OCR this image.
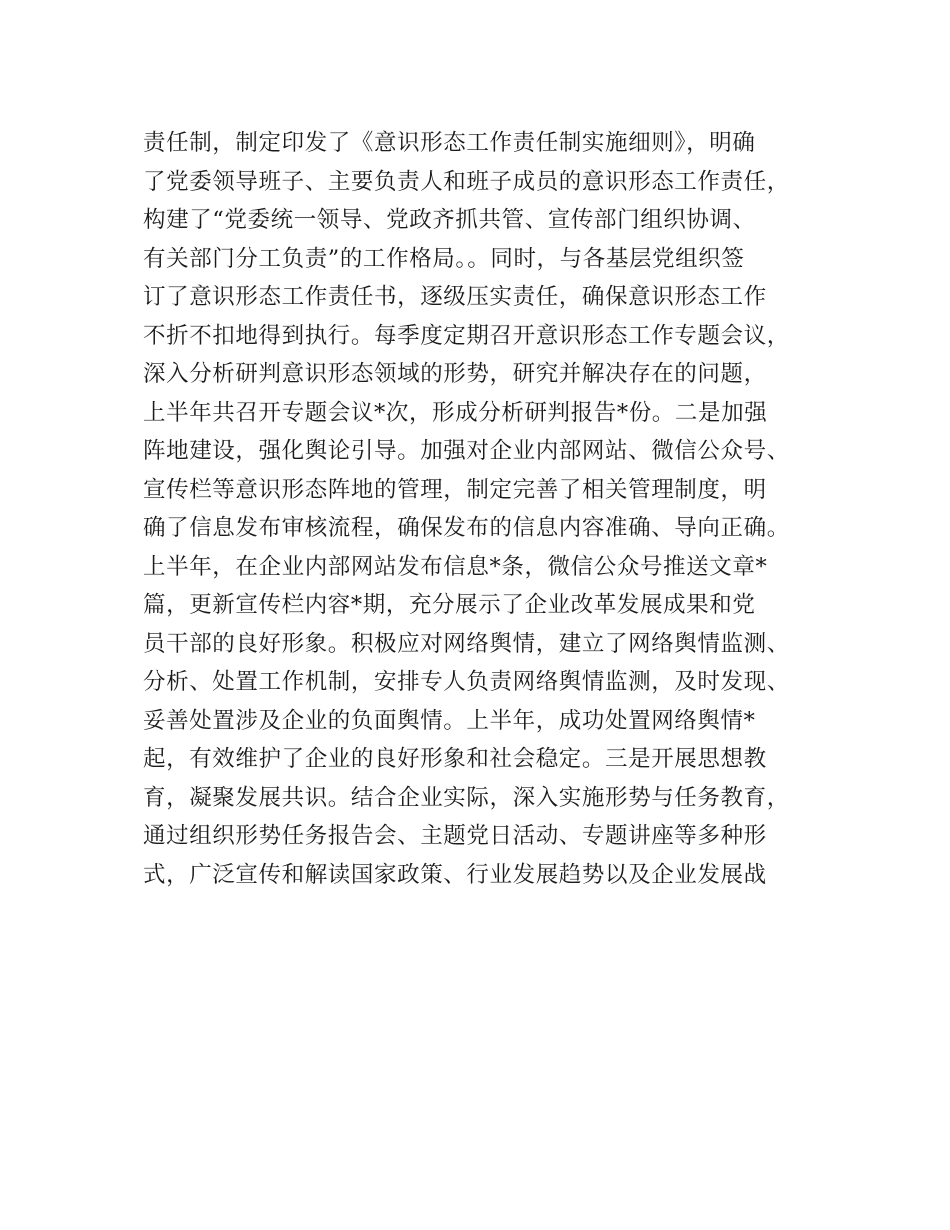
责任制，制定印发了《意识形态工作责任制实施细则》，明确
了党委领导班子、主要负责人和班子成员的意识形态工作责任，
构建了“党委统一领导、党政齐抓共管、宣传部门组织协调、
有关部门分工负责”的工作格局。。同时，与各基层党组织签
订了意识形态工作责任书，逐级压实责任，确保意识形态工作
不折不扣地得到执行。每季度定期召开意识形态工作专题会议，
深入分析研判意识形态领域的形势，研究并解决存在的问题，
上半年共召开专题会议*次，形成分析研判报告*份。二是加强
阵地建设，强化舆论引导。加强对企业内部网站、微信公众号、
宣传栏等意识形态阵地的管理，制定完善了相关管理制度，明
确了信息发布审核流程，确保发布的信息内容准确、导向正确。
上半年，在企业内部网站发布信息*条，微信公众号推送文章*
篇，更新宣传栏内容*期，充分展示了企业改革发展成果和党
员干部的良好形象。积极应对网络舆情，建立了网络舆情监测、
分析、处置工作机制，安排专人负责网络舆情监测，及时发现、
妥善处置涉及企业的负面舆情。上半年，成功处置网络舆情*
起，有效维护了企业的良好形象和社会稳定。三是开展思想教
育，凝聚发展共识。结合企业实际，深入实施形势与任务教育，
通过组织形势任务报告会、主题党日活动、专题讲座等多种形
式，广泛宣传和解读国家政策、行业发展趋势以及企业发展战
